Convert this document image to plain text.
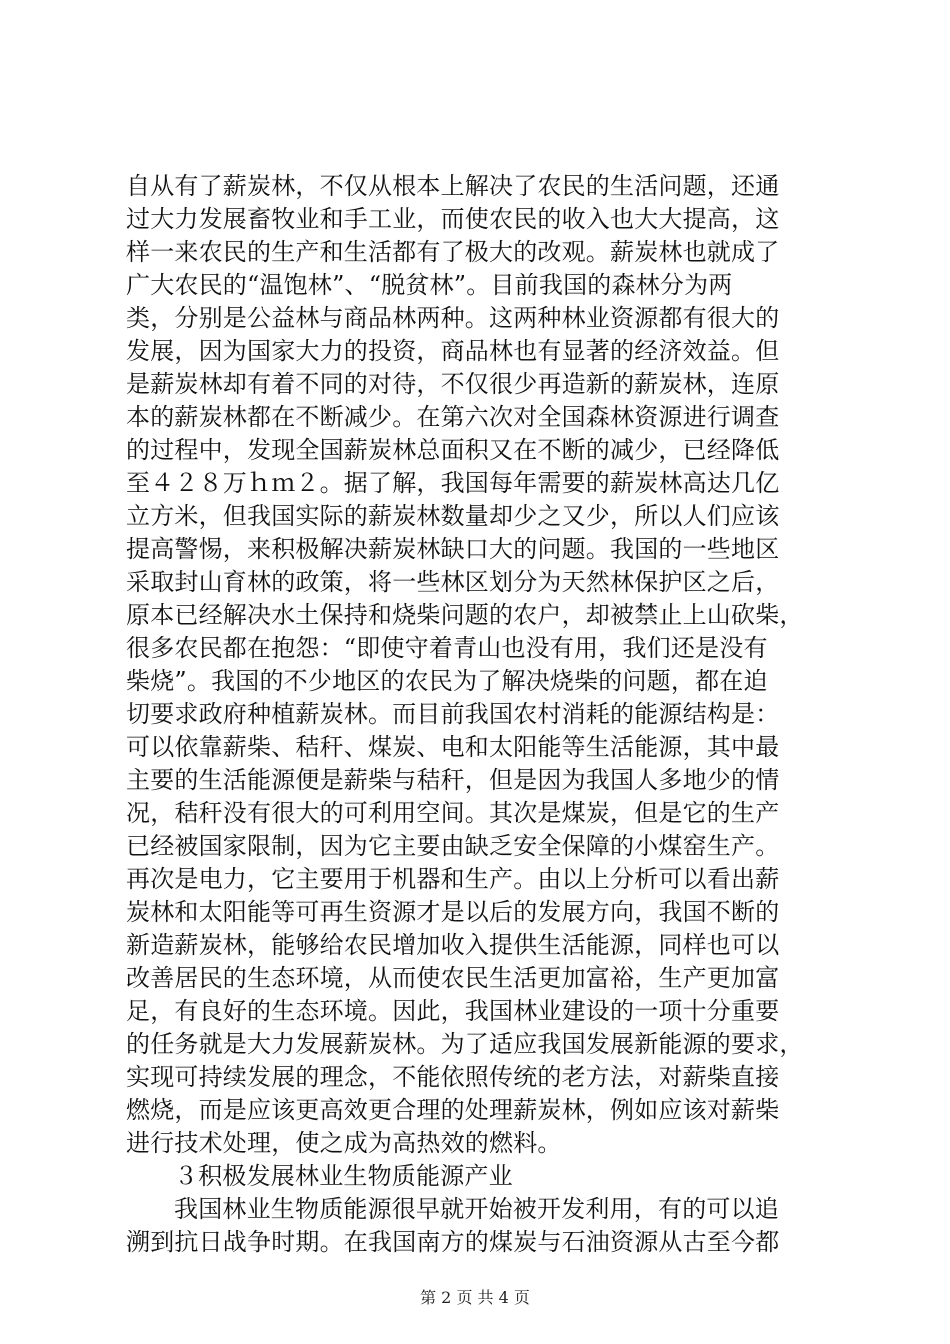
自从有了薪炭林，不仅从根本上解决了农民的生活问题，还通
过大力发展畜牧业和手工业，而使农民的收入也大大提高，这
样一来农民的生产和生活都有了极大的改观。薪炭林也就成了
广大农民的“温饱林”、“脱贫林”。目前我国的森林分为两
类，分别是公益林与商品林两种。这两种林业资源都有很大的
发展，因为国家大力的投资，商品林也有显著的经济效益。但
是薪炭林却有着不同的对待，不仅很少再造新的薪炭林，连原
本的薪炭林都在不断减少。在第六次对全国森林资源进行调查
的过程中，发现全国薪炭林总面积又在不断的减少，已经降低
至４２８万ｈｍ２。据了解，我国每年需要的薪炭林高达几亿
立方米，但我国实际的薪炭林数量却少之又少，所以人们应该
提高警惕，来积极解决薪炭林缺口大的问题。我国的一些地区
采取封山育林的政策，将一些林区划分为天然林保护区之后，
原本已经解决水土保持和烧柴问题的农户，却被禁止上山砍柴，
很多农民都在抱怨：“即使守着青山也没有用，我们还是没有
柴烧”。我国的不少地区的农民为了解决烧柴的问题，都在迫
切要求政府种植薪炭林。而目前我国农村消耗的能源结构是：
可以依靠薪柴、秸秆、煤炭、电和太阳能等生活能源，其中最
主要的生活能源便是薪柴与秸秆，但是因为我国人多地少的情
况，秸秆没有很大的可利用空间。其次是煤炭，但是它的生产
已经被国家限制，因为它主要由缺乏安全保障的小煤窑生产。
再次是电力，它主要用于机器和生产。由以上分析可以看出薪
炭林和太阳能等可再生资源才是以后的发展方向，我国不断的
新造薪炭林，能够给农民增加收入提供生活能源，同样也可以
改善居民的生态环境，从而使农民生活更加富裕，生产更加富
足，有良好的生态环境。因此，我国林业建设的一项十分重要
的任务就是大力发展薪炭林。为了适应我国发展新能源的要求，
实现可持续发展的理念，不能依照传统的老方法，对薪柴直接
燃烧，而是应该更高效更合理的处理薪炭林，例如应该对薪柴
进行技术处理，使之成为高热效的燃料。
３积极发展林业生物质能源产业
我国林业生物质能源很早就开始被开发利用，有的可以追
溯到抗日战争时期。在我国南方的煤炭与石油资源从古至今都
第 2 页 共 4 页
